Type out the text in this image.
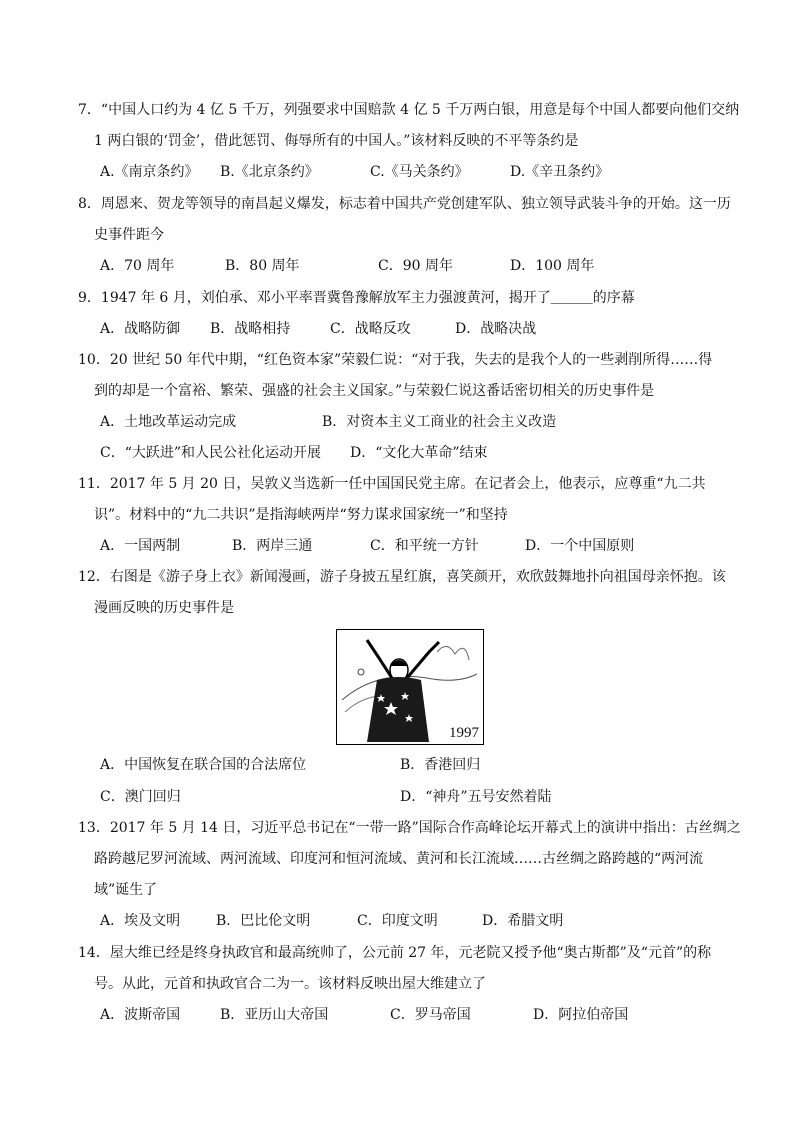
7．“中国人口约为 4 亿 5 千万，列强要求中国赔款 4 亿 5 千万两白银，用意是每个中国人都要向他们交纳
1 两白银的‘罚金’，借此惩罚、侮辱所有的中国人。”该材料反映的不平等条约是
A.《南京条约》 B.《北京条约》	C.《马关条约》	D.《辛丑条约》
8．周恩来、贺龙等领导的南昌起义爆发，标志着中国共产党创建军队、独立领导武装斗争的开始。这一历
史事件距今
A．70 周年	B．80 周年	C．90 周年	D．100 周年
9．1947 年 6 月，刘伯承、邓小平率晋冀鲁豫解放军主力强渡黄河，揭开了＿＿＿的序幕
A．战略防御 B．战略相持	C．战略反攻	D．战略决战
10．20 世纪 50 年代中期，“红色资本家”荣毅仁说：“对于我，失去的是我个人的一些剥削所得……得
到的却是一个富裕、繁荣、强盛的社会主义国家。”与荣毅仁说这番话密切相关的历史事件是
A．土地改革运动完成	B．对资本主义工商业的社会主义改造
C．“大跃进”和人民公社化运动开展 D．“文化大革命”结束
11．2017 年 5 月 20 日，吴敦义当选新一任中国国民党主席。在记者会上，他表示，应尊重“九二共
识”。材料中的“九二共识”是指海峡两岸“努力谋求国家统一”和坚持
A．一国两制	B．两岸三通	C．和平统一方针	D．一个中国原则
12．右图是《游子身上衣》新闻漫画，游子身披五星红旗，喜笑颜开，欢欣鼓舞地扑向祖国母亲怀抱。该
漫画反映的历史事件是
1997
A．中国恢复在联合国的合法席位	B．香港回归
C．澳门回归	D．“神舟”五号安然着陆
13．2017 年 5 月 14 日，习近平总书记在“一带一路”国际合作高峰论坛开幕式上的演讲中指出：古丝绸之
路跨越尼罗河流域、两河流域、印度河和恒河流域、黄河和长江流域……古丝绸之路跨越的“两河流
域”诞生了
A．埃及文明	B．巴比伦文明	C．印度文明	D．希腊文明
14．屋大维已经是终身执政官和最高统帅了，公元前 27 年，元老院又授予他“奥古斯都”及“元首”的称
号。从此，元首和执政官合二为一。该材料反映出屋大维建立了
A．波斯帝国	B．亚历山大帝国	C．罗马帝国	D．阿拉伯帝国
